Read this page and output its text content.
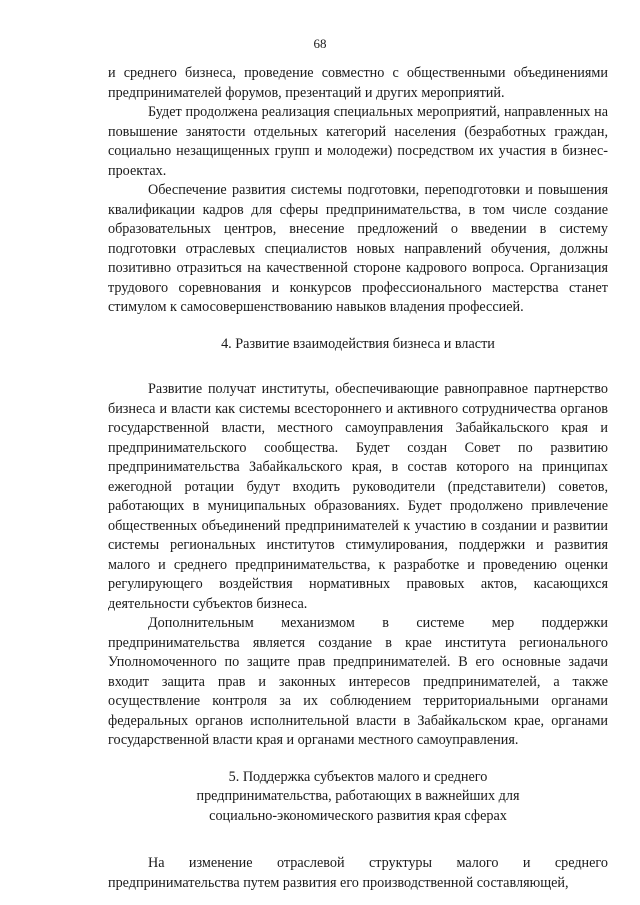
68

и среднего бизнеса, проведение совместно с общественными объединениями предпринимателей форумов, презентаций и других мероприятий.

Будет продолжена реализация специальных мероприятий, направленных на повышение занятости отдельных категорий населения (безработных граждан, социально незащищенных групп и молодежи) посредством их участия в бизнес-проектах.

Обеспечение развития системы подготовки, переподготовки и повышения квалификации кадров для сферы предпринимательства, в том числе создание образовательных центров, внесение предложений о введении в систему подготовки отраслевых специалистов новых направлений обучения, должны позитивно отразиться на качественной стороне кадрового вопроса. Организация трудового соревнования и конкурсов профессионального мастерства станет стимулом к самосовершенствованию навыков владения профессией.

4. Развитие взаимодействия бизнеса и власти

Развитие получат институты, обеспечивающие равноправное партнерство бизнеса и власти как системы всестороннего и активного сотрудничества органов государственной власти, местного самоуправления Забайкальского края и предпринимательского сообщества. Будет создан Совет по развитию предпринимательства Забайкальского края, в состав которого на принципах ежегодной ротации будут входить руководители (представители) советов, работающих в муниципальных образованиях. Будет продолжено привлечение общественных объединений предпринимателей к участию в создании и развитии системы региональных институтов стимулирования, поддержки и развития малого и среднего предпринимательства, к разработке и проведению оценки регулирующего воздействия нормативных правовых актов, касающихся деятельности субъектов бизнеса.

Дополнительным механизмом в системе мер поддержки предпринимательства является создание в крае института регионального Уполномоченного по защите прав предпринимателей. В его основные задачи входит защита прав и законных интересов предпринимателей, а также осуществление контроля за их соблюдением территориальными органами федеральных органов исполнительной власти в Забайкальском крае, органами государственной власти края и органами местного самоуправления.

5. Поддержка субъектов малого и среднего
предпринимательства, работающих в важнейших для
социально-экономического развития края сферах

На изменение отраслевой структуры малого и среднего предпринимательства путем развития его производственной составляющей,
